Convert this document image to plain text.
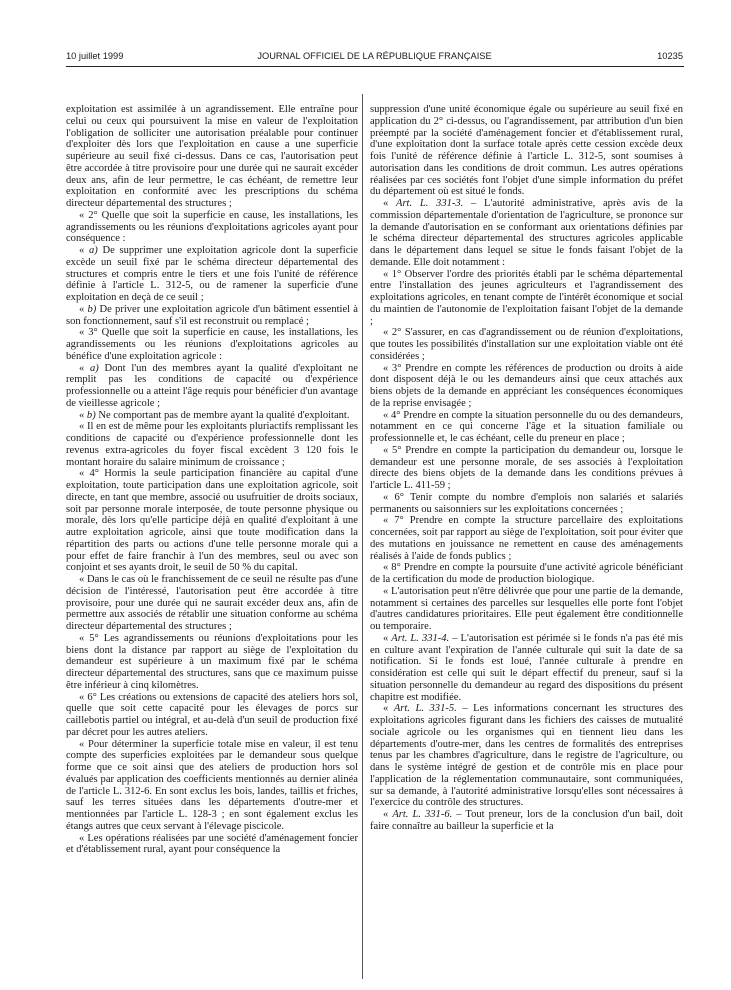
10 juillet 1999	JOURNAL OFFICIEL DE LA RÉPUBLIQUE FRANÇAISE	10235

exploitation est assimilée à un agrandissement. Elle entraîne pour celui ou ceux qui poursuivent la mise en valeur de l'exploitation l'obligation de solliciter une autorisation préalable pour continuer d'exploiter dès lors que l'exploitation en cause a une superficie supérieure au seuil fixé ci-dessus. Dans ce cas, l'autorisation peut être accordée à titre provisoire pour une durée qui ne saurait excéder deux ans, afin de leur permettre, le cas échéant, de remettre leur exploitation en conformité avec les prescriptions du schéma directeur départemental des structures ;

« 2° Quelle que soit la superficie en cause, les installations, les agrandissements ou les réunions d'exploitations agricoles ayant pour conséquence :

« a) De supprimer une exploitation agricole dont la superficie excède un seuil fixé par le schéma directeur départemental des structures et compris entre le tiers et une fois l'unité de référence définie à l'article L. 312-5, ou de ramener la superficie d'une exploitation en deçà de ce seuil ;

« b) De priver une exploitation agricole d'un bâtiment essentiel à son fonctionnement, sauf s'il est reconstruit ou remplacé ;

« 3° Quelle que soit la superficie en cause, les installations, les agrandissements ou les réunions d'exploitations agricoles au bénéfice d'une exploitation agricole :

« a) Dont l'un des membres ayant la qualité d'exploitant ne remplit pas les conditions de capacité ou d'expérience professionnelle ou a atteint l'âge requis pour bénéficier d'un avantage de vieillesse agricole ;

« b) Ne comportant pas de membre ayant la qualité d'exploitant.

« Il en est de même pour les exploitants pluriactifs remplissant les conditions de capacité ou d'expérience professionnelle dont les revenus extra-agricoles du foyer fiscal excèdent 3 120 fois le montant horaire du salaire minimum de croissance ;

« 4° Hormis la seule participation financière au capital d'une exploitation, toute participation dans une exploitation agricole, soit directe, en tant que membre, associé ou usufruitier de droits sociaux, soit par personne morale interposée, de toute personne physique ou morale, dès lors qu'elle participe déjà en qualité d'exploitant à une autre exploitation agricole, ainsi que toute modification dans la répartition des parts ou actions d'une telle personne morale qui a pour effet de faire franchir à l'un des membres, seul ou avec son conjoint et ses ayants droit, le seuil de 50 % du capital.

« Dans le cas où le franchissement de ce seuil ne résulte pas d'une décision de l'intéressé, l'autorisation peut être accordée à titre provisoire, pour une durée qui ne saurait excéder deux ans, afin de permettre aux associés de rétablir une situation conforme au schéma directeur départemental des structures ;

« 5° Les agrandissements ou réunions d'exploitations pour les biens dont la distance par rapport au siège de l'exploitation du demandeur est supérieure à un maximum fixé par le schéma directeur départemental des structures, sans que ce maximum puisse être inférieur à cinq kilomètres.

« 6° Les créations ou extensions de capacité des ateliers hors sol, quelle que soit cette capacité pour les élevages de porcs sur caillebotis partiel ou intégral, et au-delà d'un seuil de production fixé par décret pour les autres ateliers.

« Pour déterminer la superficie totale mise en valeur, il est tenu compte des superficies exploitées par le demandeur sous quelque forme que ce soit ainsi que des ateliers de production hors sol évalués par application des coefficients mentionnés au dernier alinéa de l'article L. 312-6. En sont exclus les bois, landes, taillis et friches, sauf les terres situées dans les départements d'outre-mer et mentionnées par l'article L. 128-3 ; en sont également exclus les étangs autres que ceux servant à l'élevage piscicole.

« Les opérations réalisées par une société d'aménagement foncier et d'établissement rural, ayant pour conséquence la

suppression d'une unité économique égale ou supérieure au seuil fixé en application du 2° ci-dessus, ou l'agrandissement, par attribution d'un bien préempté par la société d'aménagement foncier et d'établissement rural, d'une exploitation dont la surface totale après cette cession excède deux fois l'unité de référence définie à l'article L. 312-5, sont soumises à autorisation dans les conditions de droit commun. Les autres opérations réalisées par ces sociétés font l'objet d'une simple information du préfet du département où est situé le fonds.

« Art. L. 331-3. – L'autorité administrative, après avis de la commission départementale d'orientation de l'agriculture, se prononce sur la demande d'autorisation en se conformant aux orientations définies par le schéma directeur départemental des structures agricoles applicable dans le département dans lequel se situe le fonds faisant l'objet de la demande. Elle doit notamment :

« 1° Observer l'ordre des priorités établi par le schéma départemental entre l'installation des jeunes agriculteurs et l'agrandissement des exploitations agricoles, en tenant compte de l'intérêt économique et social du maintien de l'autonomie de l'exploitation faisant l'objet de la demande ;

« 2° S'assurer, en cas d'agrandissement ou de réunion d'exploitations, que toutes les possibilités d'installation sur une exploitation viable ont été considérées ;

« 3° Prendre en compte les références de production ou droits à aide dont disposent déjà le ou les demandeurs ainsi que ceux attachés aux biens objets de la demande en appréciant les conséquences économiques de la reprise envisagée ;

« 4° Prendre en compte la situation personnelle du ou des demandeurs, notamment en ce qui concerne l'âge et la situation familiale ou professionnelle et, le cas échéant, celle du preneur en place ;

« 5° Prendre en compte la participation du demandeur ou, lorsque le demandeur est une personne morale, de ses associés à l'exploitation directe des biens objets de la demande dans les conditions prévues à l'article L. 411-59 ;

« 6° Tenir compte du nombre d'emplois non salariés et salariés permanents ou saisonniers sur les exploitations concernées ;

« 7° Prendre en compte la structure parcellaire des exploitations concernées, soit par rapport au siège de l'exploitation, soit pour éviter que des mutations en jouissance ne remettent en cause des aménagements réalisés à l'aide de fonds publics ;

« 8° Prendre en compte la poursuite d'une activité agricole bénéficiant de la certification du mode de production biologique.

« L'autorisation peut n'être délivrée que pour une partie de la demande, notamment si certaines des parcelles sur lesquelles elle porte font l'objet d'autres candidatures prioritaires. Elle peut également être conditionnelle ou temporaire.

« Art. L. 331-4. – L'autorisation est périmée si le fonds n'a pas été mis en culture avant l'expiration de l'année culturale qui suit la date de sa notification. Si le fonds est loué, l'année culturale à prendre en considération est celle qui suit le départ effectif du preneur, sauf si la situation personnelle du demandeur au regard des dispositions du présent chapitre est modifiée.

« Art. L. 331-5. – Les informations concernant les structures des exploitations agricoles figurant dans les fichiers des caisses de mutualité sociale agricole ou les organismes qui en tiennent lieu dans les départements d'outre-mer, dans les centres de formalités des entreprises tenus par les chambres d'agriculture, dans le registre de l'agriculture, ou dans le système intégré de gestion et de contrôle mis en place pour l'application de la réglementation communautaire, sont communiquées, sur sa demande, à l'autorité administrative lorsqu'elles sont nécessaires à l'exercice du contrôle des structures.

« Art. L. 331-6. – Tout preneur, lors de la conclusion d'un bail, doit faire connaître au bailleur la superficie et la
